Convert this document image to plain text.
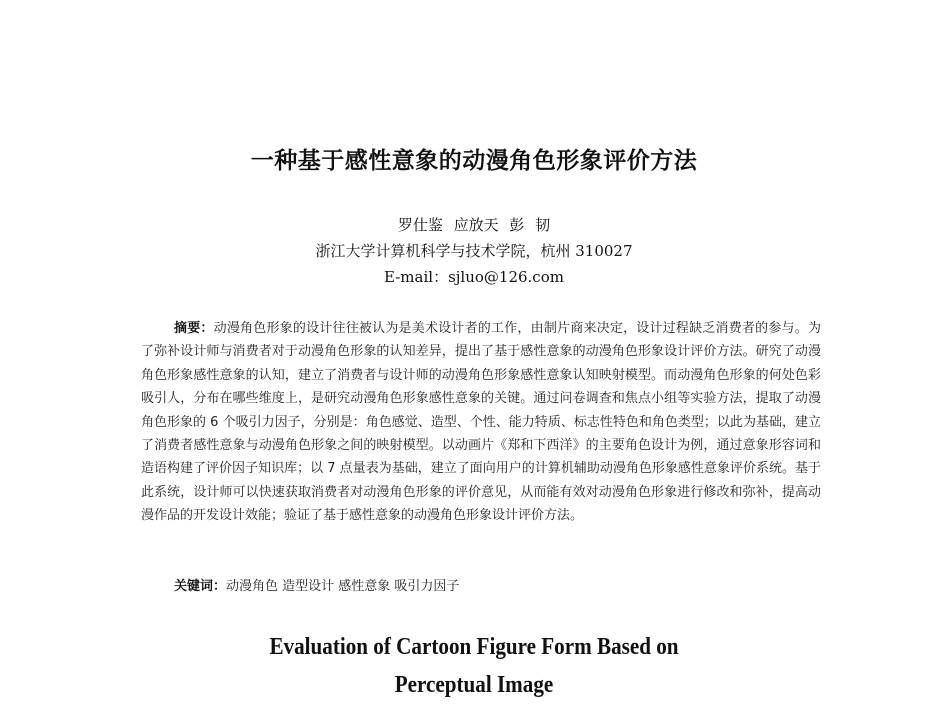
一种基于感性意象的动漫角色形象评价方法
罗仕鉴 应放天 彭 韧
浙江大学计算机科学与技术学院，杭州 310027
E-mail：sjluo@126.com
摘要：动漫角色形象的设计往往被认为是美术设计者的工作，由制片商来决定，设计过程缺乏消费者的参与。为了弥补设计师与消费者对于动漫角色形象的认知差异，提出了基于感性意象的动漫角色形象设计评价方法。研究了动漫角色形象感性意象的认知，建立了消费者与设计师的动漫角色形象感性意象认知映射模型。而动漫角色形象的何处色彩吸引人，分布在哪些维度上，是研究动漫角色形象感性意象的关键。通过问卷调查和焦点小组等实验方法，提取了动漫角色形象的 6 个吸引力因子，分别是：角色感觉、造型、个性、能力特质、标志性特色和角色类型；以此为基础，建立了消费者感性意象与动漫角色形象之间的映射模型。以动画片《郑和下西洋》的主要角色设计为例，通过意象形容词和造语构建了评价因子知识库；以 7 点量表为基础，建立了面向用户的计算机辅助动漫角色形象感性意象评价系统。基于此系统，设计师可以快速获取消费者对动漫角色形象的评价意见，从而能有效对动漫角色形象进行修改和弥补，提高动漫作品的开发设计效能；验证了基于感性意象的动漫角色形象设计评价方法。
关键词：动漫角色 造型设计 感性意象 吸引力因子
Evaluation of Cartoon Figure Form Based on
Perceptual Image
